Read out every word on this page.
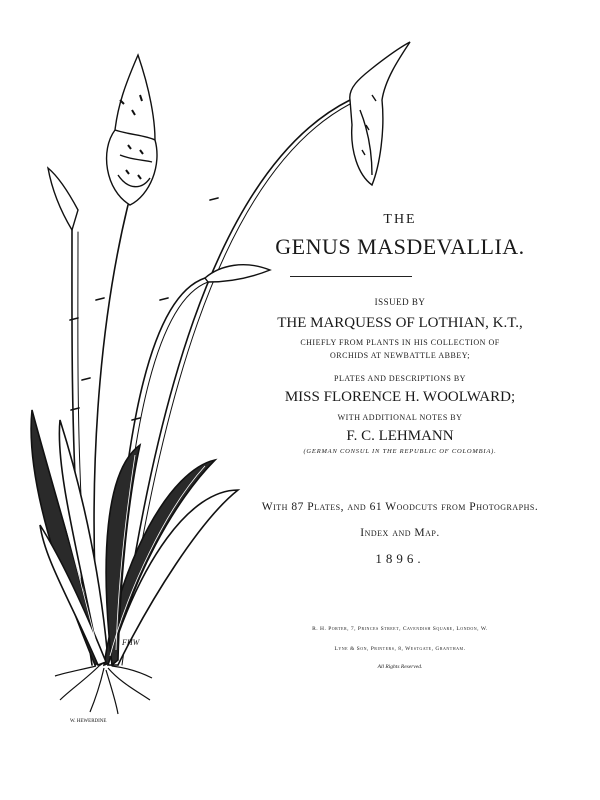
FHW
W. HEWERDINE
THE
GENUS MASDEVALLIA.
ISSUED BY
THE MARQUESS OF LOTHIAN, K.T.,
CHIEFLY FROM PLANTS IN HIS COLLECTION OF
ORCHIDS AT NEWBATTLE ABBEY;
PLATES AND DESCRIPTIONS BY
MISS FLORENCE H. WOOLWARD;
WITH ADDITIONAL NOTES BY
F. C. LEHMANN
(GERMAN CONSUL IN THE REPUBLIC OF COLOMBIA).
With 87 Plates, and 61 Woodcuts from Photographs.
Index and Map.
1896.
R. H. Porter, 7, Princes Street, Cavendish Square, London, W.
Lyne & Son, Printers, 8, Westgate, Grantham.
All Rights Reserved.
